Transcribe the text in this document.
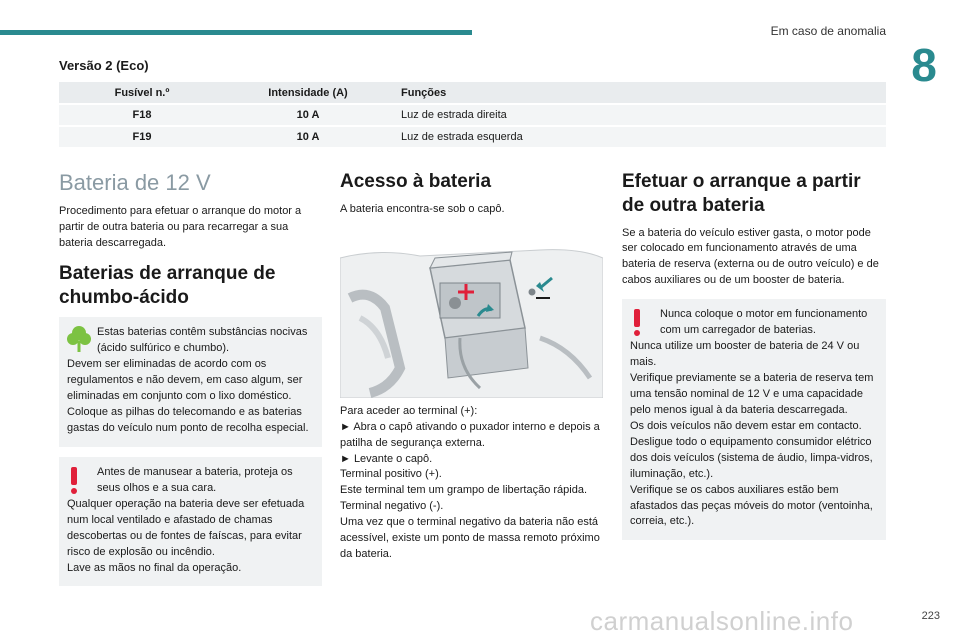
Em caso de anomalia
8
Versão 2 (Eco)
Fusível n.º	Intensidade (A)	Funções
F18	10 A	Luz de estrada direita
F19	10 A	Luz de estrada esquerda
Bateria de 12 V

Procedimento para efetuar o arranque do motor a partir de outra bateria ou para recarregar a sua bateria descarregada.

Baterias de arranque de chumbo-ácido
Estas baterias contêm substâncias nocivas (ácido sulfúrico e chumbo).
Devem ser eliminadas de acordo com os regulamentos e não devem, em caso algum, ser eliminadas em conjunto com o lixo doméstico.
Coloque as pilhas do telecomando e as baterias gastas do veículo num ponto de recolha especial.
Antes de manusear a bateria, proteja os seus olhos e a sua cara.
Qualquer operação na bateria deve ser efetuada num local ventilado e afastado de chamas descobertas ou de fontes de faíscas, para evitar risco de explosão ou incêndio.
Lave as mãos no final da operação.
Acesso à bateria

A bateria encontra-se sob o capô.

Para aceder ao terminal (+):

► Abra o capô ativando o puxador interno e depois a patilha de segurança externa.

► Levante o capô.

Terminal positivo (+).

Este terminal tem um grampo de libertação rápida.

Terminal negativo (-).

Uma vez que o terminal negativo da bateria não está acessível, existe um ponto de massa remoto próximo da bateria.

Efetuar o arranque a partir de outra bateria

Se a bateria do veículo estiver gasta, o motor pode ser colocado em funcionamento através de uma bateria de reserva (externa ou de outro veículo) e de cabos auxiliares ou de um booster de bateria.

Nunca coloque o motor em funcionamento com um carregador de baterias.
Nunca utilize um booster de bateria de 24 V ou mais.
Verifique previamente se a bateria de reserva tem uma tensão nominal de 12 V e uma capacidade pelo menos igual à da bateria descarregada.
Os dois veículos não devem estar em contacto.
Desligue todo o equipamento consumidor elétrico dos dois veículos (sistema de áudio, limpa-vidros, iluminação, etc.).
Verifique se os cabos auxiliares estão bem afastados das peças móveis do motor (ventoinha, correia, etc.).
carmanualsonline.info	223
